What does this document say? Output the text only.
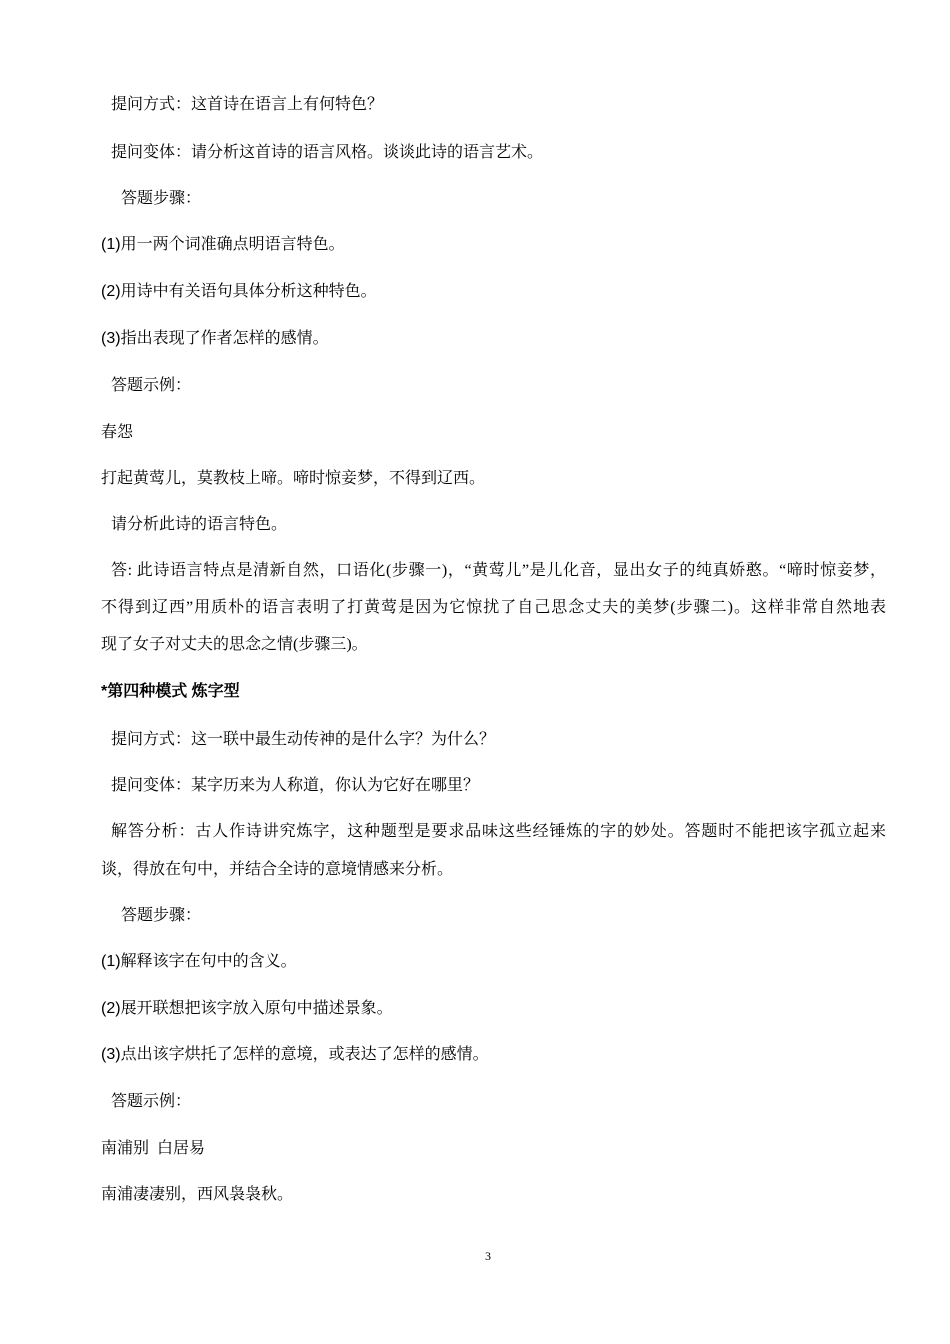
提问方式：这首诗在语言上有何特色？
提问变体：请分析这首诗的语言风格。谈谈此诗的语言艺术。
答题步骤：
(1)用一两个词准确点明语言特色。
(2)用诗中有关语句具体分析这种特色。
(3)指出表现了作者怎样的感情。
答题示例：
春怨
打起黄莺儿，莫教枝上啼。啼时惊妾梦，不得到辽西。
请分析此诗的语言特色。
答: 此诗语言特点是清新自然，口语化(步骤一)，“黄莺儿”是儿化音，显出女子的纯真娇憨。“啼时惊妾梦，
不得到辽西”用质朴的语言表明了打黄莺是因为它惊扰了自己思念丈夫的美梦(步骤二)。这样非常自然地表
现了女子对丈夫的思念之情(步骤三)。
*第四种模式 炼字型
提问方式：这一联中最生动传神的是什么字？为什么？
提问变体：某字历来为人称道，你认为它好在哪里？
解答分析：古人作诗讲究炼字，这种题型是要求品味这些经锤炼的字的妙处。答题时不能把该字孤立起来
谈，得放在句中，并结合全诗的意境情感来分析。
答题步骤：
(1)解释该字在句中的含义。
(2)展开联想把该字放入原句中描述景象。
(3)点出该字烘托了怎样的意境，或表达了怎样的感情。
答题示例：
南浦别  白居易
南浦凄凄别，西风袅袅秋。
3
